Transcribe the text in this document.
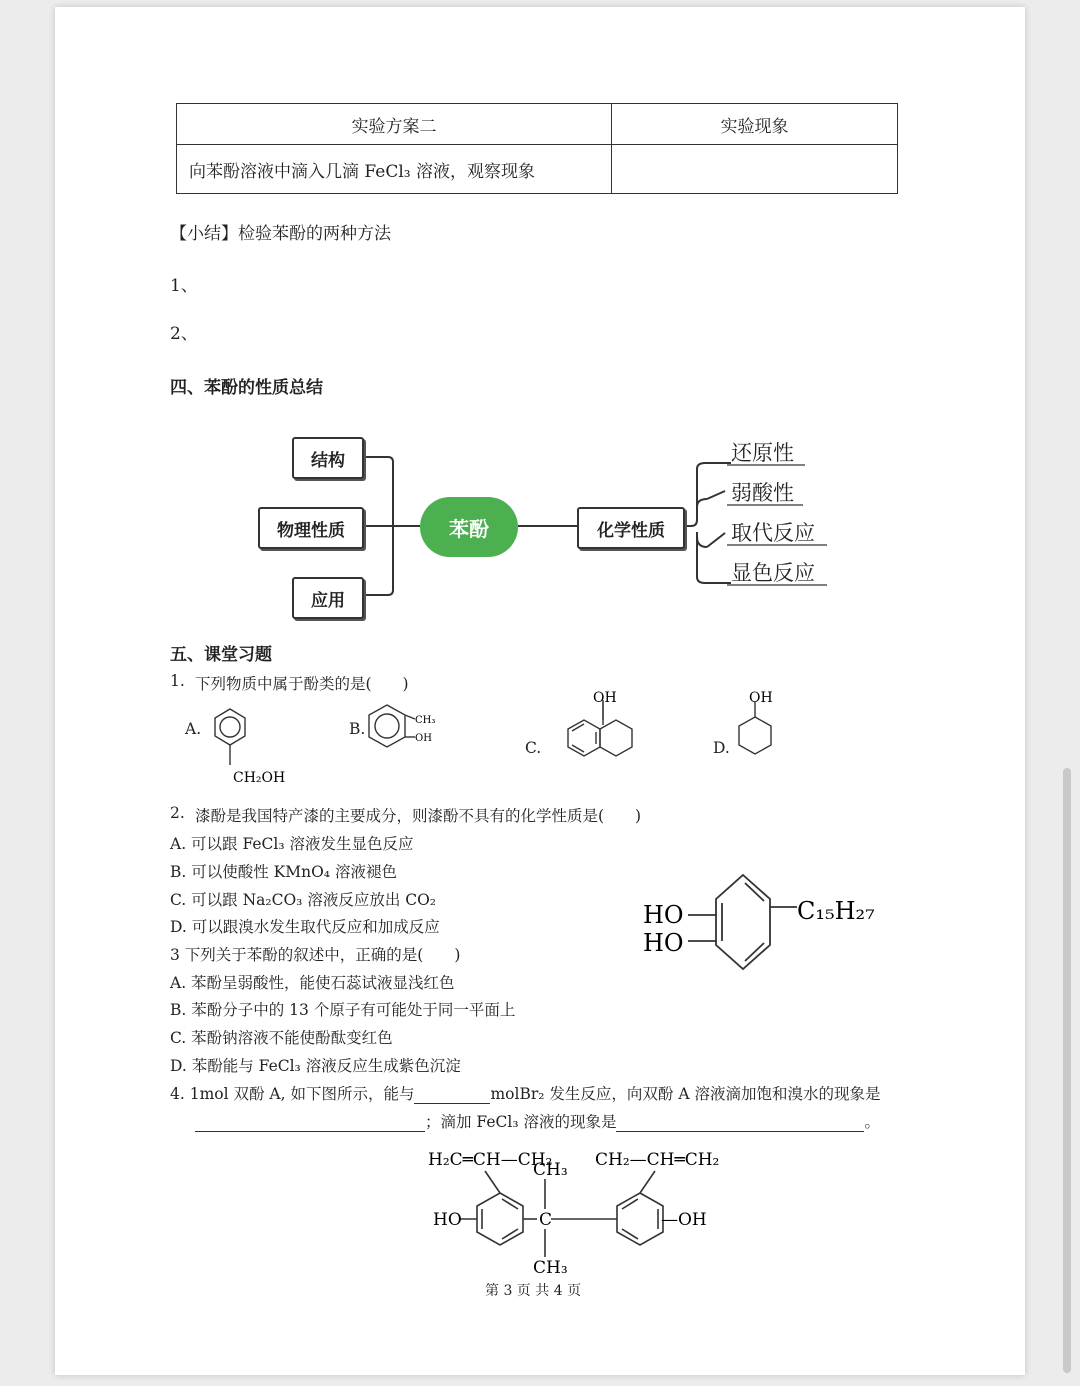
实验方案二	实验现象
向苯酚溶液中滴入几滴 FeCl₃ 溶液，观察现象	
【小结】检验苯酚的两种方法
1、
2、
四、苯酚的性质总结
结构
物理性质
应用
苯酚	化学性质
还原性
弱酸性
取代反应
显色反应
五、课堂习题
1. 下列物质中属于酚类的是(　　)
A.	B.
C.	D.
CH₂OH
CH₃
OH
OH	OH
2. 漆酚是我国特产漆的主要成分，则漆酚不具有的化学性质是(　　)
A. 可以跟 FeCl₃ 溶液发生显色反应
B. 可以使酸性 KMnO₄ 溶液褪色
C. 可以跟 Na₂CO₃ 溶液反应放出 CO₂
D. 可以跟溴水发生取代反应和加成反应	HO
HO
C₁₅H₂₇
3 下列关于苯酚的叙述中，正确的是(　　)
A. 苯酚呈弱酸性，能使石蕊试液显浅红色
B. 苯酚分子中的 13 个原子有可能处于同一平面上
C. 苯酚钠溶液不能使酚酞变红色
D. 苯酚能与 FeCl₃ 溶液反应生成紫色沉淀
4. 1mol 双酚 A, 如下图所示，能与	molBr₂ 发生反应，向双酚 A 溶液滴加饱和溴水的现象是
；滴加 FeCl₃ 溶液的现象是	。
H₂C═CH—CH₂	CH₂—CH═CH₂
CH₃
C
CH₃
HO	—OH
第 3 页 共 4 页
